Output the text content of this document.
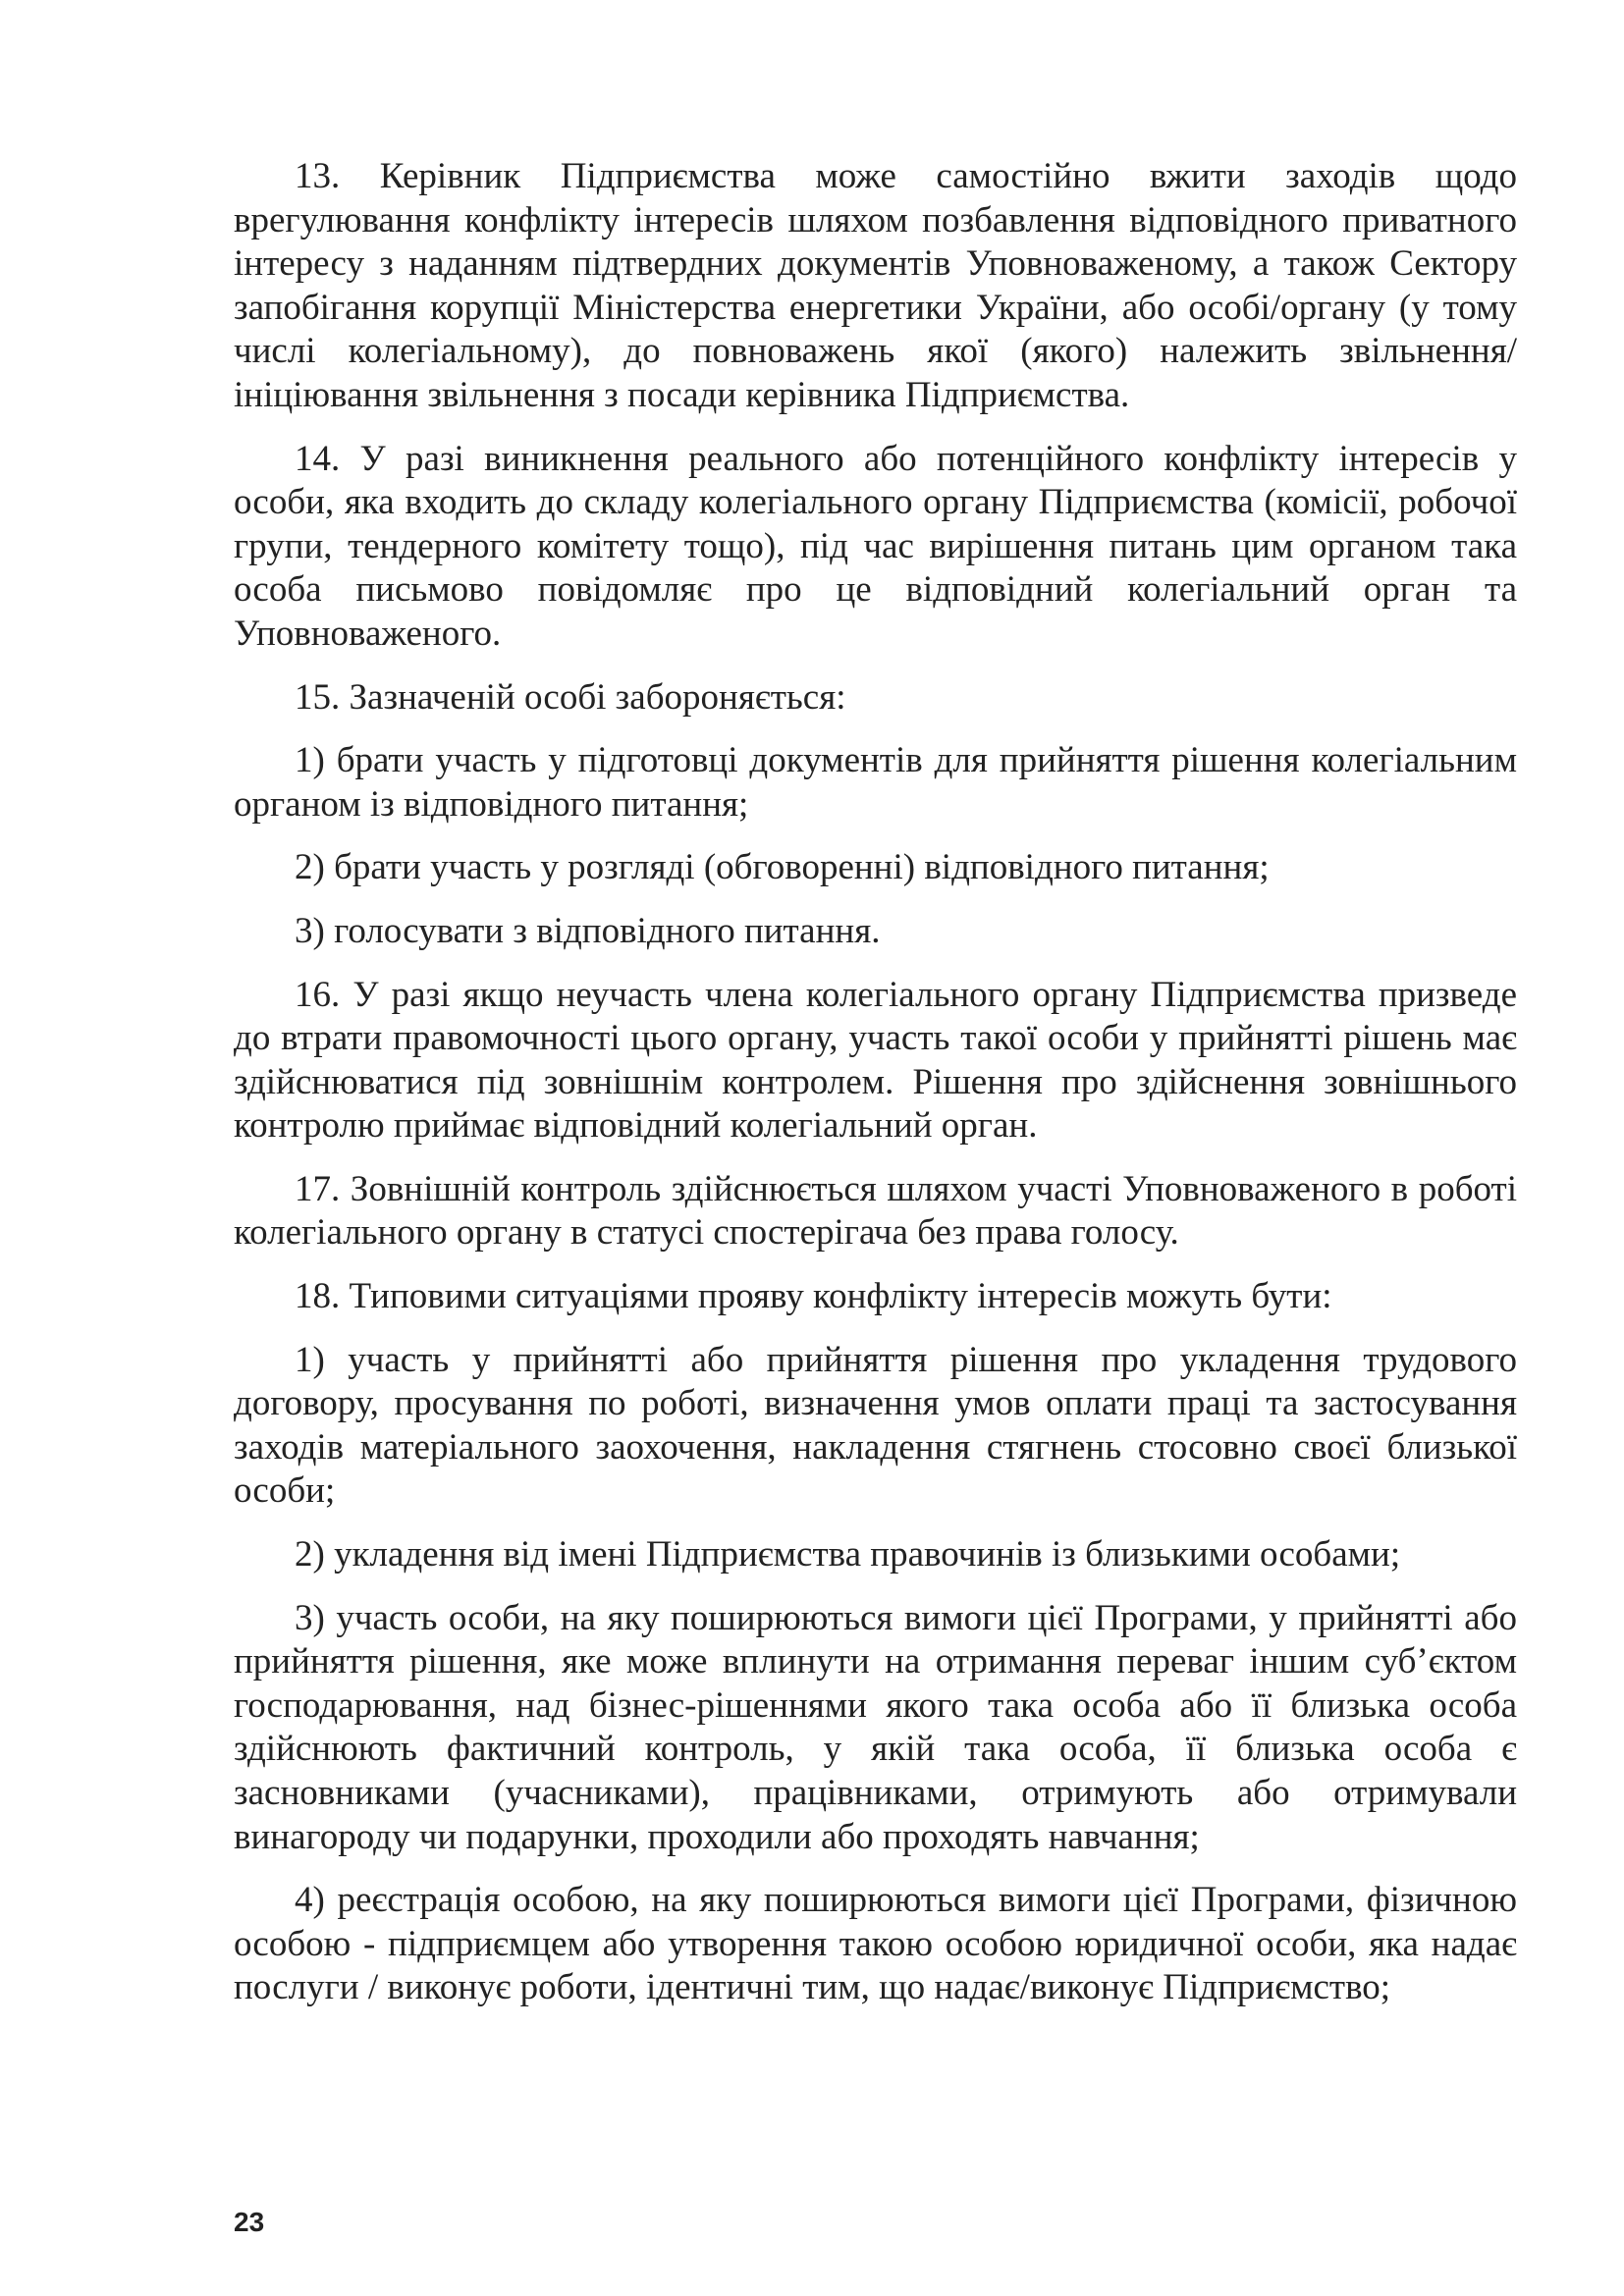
13. Керівник Підприємства може самостійно вжити заходів щодо врегулювання конфлікту інтересів шляхом позбавлення відповідного приватного інтересу з наданням підтвердних документів Уповноваженому, а також Сектору запобігання корупції Міністерства енергетики України, або особі/органу (у тому числі колегіальному), до повноважень якої (якого) належить звільнення/ініціювання звільнення з посади керівника Підприємства.

14. У разі виникнення реального або потенційного конфлікту інтересів у особи, яка входить до складу колегіального органу Підприємства (комісії, робочої групи, тендерного комітету тощо), під час вирішення питань цим органом така особа письмово повідомляє про це відповідний колегіальний орган та Уповноваженого.

15. Зазначеній особі забороняється:

1) брати участь у підготовці документів для прийняття рішення колегіальним органом із відповідного питання;

2) брати участь у розгляді (обговоренні) відповідного питання;

3) голосувати з відповідного питання.

16. У разі якщо неучасть члена колегіального органу Підприємства призведе до втрати правомочності цього органу, участь такої особи у прийнятті рішень має здійснюватися під зовнішнім контролем. Рішення про здійснення зовнішнього контролю приймає відповідний колегіальний орган.

17. Зовнішній контроль здійснюється шляхом участі Уповноваженого в роботі колегіального органу в статусі спостерігача без права голосу.

18. Типовими ситуаціями прояву конфлікту інтересів можуть бути:

1) участь у прийнятті або прийняття рішення про укладення трудового договору, просування по роботі, визначення умов оплати праці та застосування заходів матеріального заохочення, накладення стягнень стосовно своєї близької особи;

2) укладення від імені Підприємства правочинів із близькими особами;

3) участь особи, на яку поширюються вимоги цієї Програми, у прийнятті або прийняття рішення, яке може вплинути на отримання переваг іншим суб’єктом господарювання, над бізнес-рішеннями якого така особа або її близька особа здійснюють фактичний контроль, у якій така особа, її близька особа є засновниками (учасниками), працівниками, отримують або отримували винагороду чи подарунки, проходили або проходять навчання;

4) реєстрація особою, на яку поширюються вимоги цієї Програми, фізичною особою - підприємцем або утворення такою особою юридичної особи, яка надає послуги / виконує роботи, ідентичні тим, що надає/виконує Підприємство;

23
